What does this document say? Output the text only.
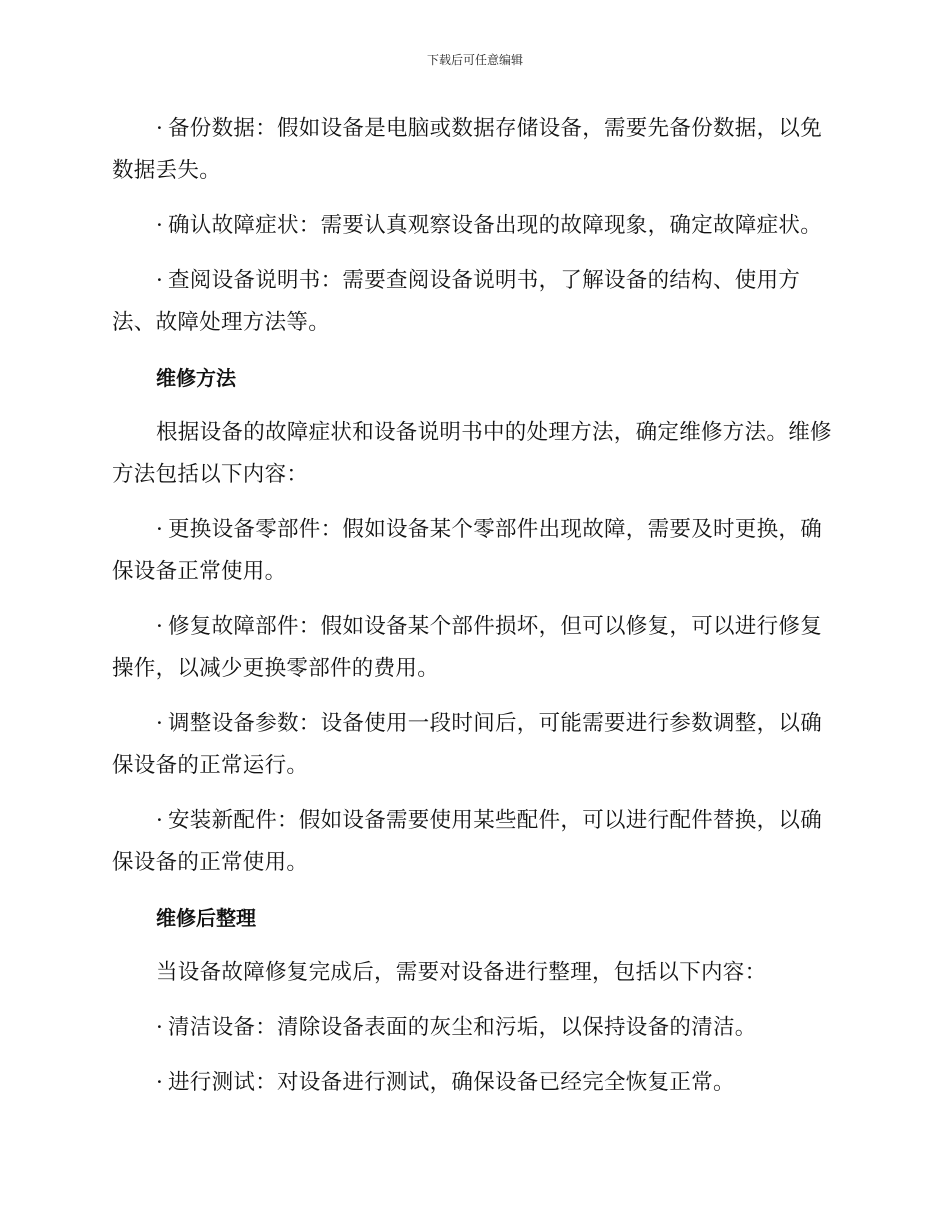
下载后可任意编辑

· 备份数据：假如设备是电脑或数据存储设备，需要先备份数据，以免数据丢失。

· 确认故障症状：需要认真观察设备出现的故障现象，确定故障症状。

· 查阅设备说明书：需要查阅设备说明书，了解设备的结构、使用方法、故障处理方法等。

维修方法

根据设备的故障症状和设备说明书中的处理方法，确定维修方法。维修方法包括以下内容：

· 更换设备零部件：假如设备某个零部件出现故障，需要及时更换，确保设备正常使用。

· 修复故障部件：假如设备某个部件损坏，但可以修复，可以进行修复操作，以减少更换零部件的费用。

· 调整设备参数：设备使用一段时间后，可能需要进行参数调整，以确保设备的正常运行。

· 安装新配件：假如设备需要使用某些配件，可以进行配件替换，以确保设备的正常使用。

维修后整理

当设备故障修复完成后，需要对设备进行整理，包括以下内容：

· 清洁设备：清除设备表面的灰尘和污垢，以保持设备的清洁。

· 进行测试：对设备进行测试，确保设备已经完全恢复正常。
